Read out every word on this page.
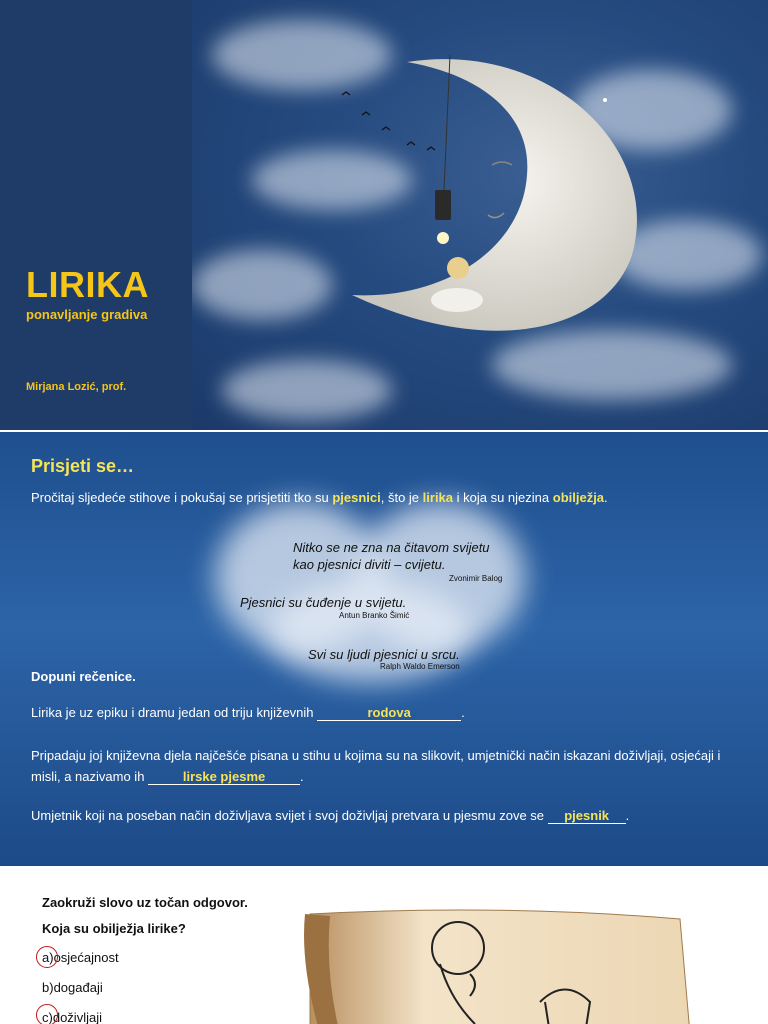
LIRIKA
ponavljanje gradiva
Mirjana Lozić, prof.
Prisjeti se…
Pročitaj sljedeće stihove i pokušaj se prisjetiti tko su pjesnici, što je lirika i koja su njezina obilježja.
Nitko se ne zna na čitavom svijetu
kao pjesnici diviti – cvijetu.
Zvonimir Balog
Pjesnici su čuđenje u svijetu.
Antun Branko Šimić
Svi su ljudi pjesnici u srcu.
Ralph Waldo Emerson
Dopuni rečenice.
Lirika je uz epiku i dramu jedan od triju književnih	rodova	.
Pripadaju joj književna djela najčešće pisana u stihu u kojima su na slikovit, umjetnički način iskazani doživljaji, osjećaji i misli, a nazivamo ih	lirske pjesme	.
Umjetnik koji na poseban način doživljava svijet i svoj doživljaj pretvara u pjesmu zove se pjesnik .
Zaokruži slovo uz točan odgovor.
Koja su obilježja lirike?
a)osjećajnost
b)događaji
c)doživljaji
